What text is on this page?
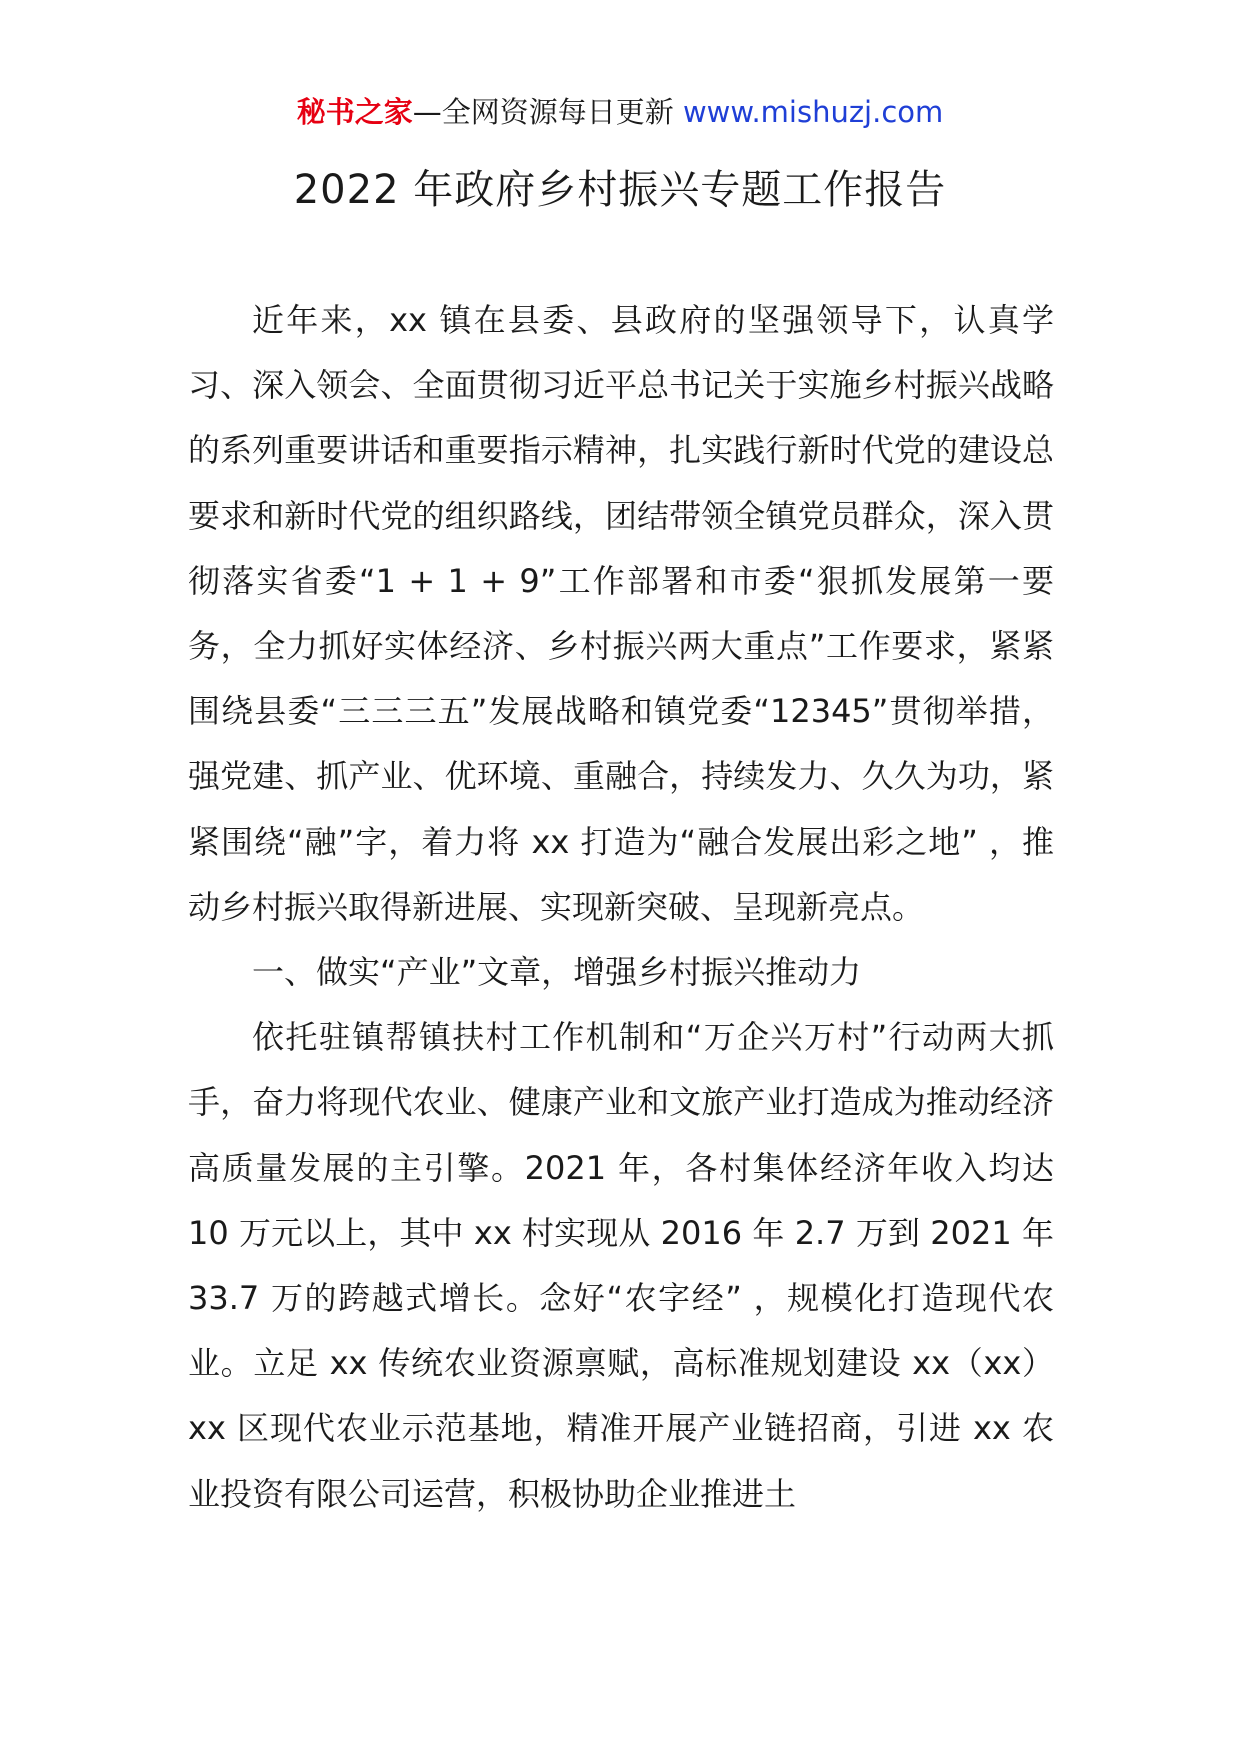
秘书之家—全网资源每日更新 www.mishuzj.com
2022 年政府乡村振兴专题工作报告

近年来，xx 镇在县委、县政府的坚强领导下，认真学习、深入领会、全面贯彻习近平总书记关于实施乡村振兴战略的系列重要讲话和重要指示精神，扎实践行新时代党的建设总要求和新时代党的组织路线，团结带领全镇党员群众，深入贯彻落实省委“1 + 1 + 9”工作部署和市委“狠抓发展第一要务，全力抓好实体经济、乡村振兴两大重点”工作要求，紧紧围绕县委“三三三五”发展战略和镇党委“12345”贯彻举措，强党建、抓产业、优环境、重融合，持续发力、久久为功，紧紧围绕“融”字，着力将 xx 打造为“融合发展出彩之地” ，推动乡村振兴取得新进展、实现新突破、呈现新亮点。

一、做实“产业”文章，增强乡村振兴推动力

依托驻镇帮镇扶村工作机制和“万企兴万村”行动两大抓手，奋力将现代农业、健康产业和文旅产业打造成为推动经济高质量发展的主引擎。2021 年，各村集体经济年收入均达 10 万元以上，其中 xx 村实现从 2016 年 2.7 万到 2021 年 33.7 万的跨越式增长。念好“农字经” ，规模化打造现代农业。立足 xx 传统农业资源禀赋，高标准规划建设 xx（xx）xx 区现代农业示范基地，精准开展产业链招商，引进 xx 农业投资有限公司运营，积极协助企业推进土
